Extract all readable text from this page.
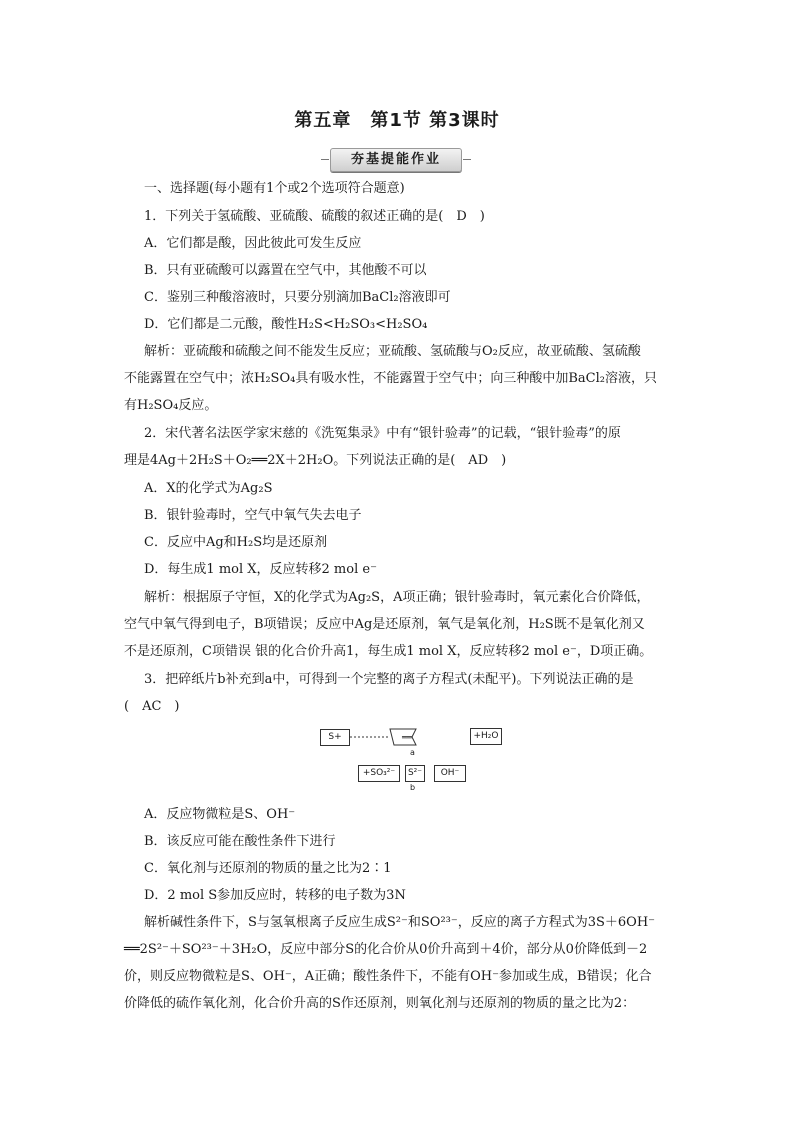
第五章　第1节 第3课时
夯基提能作业
一、选择题(每小题有1个或2个选项符合题意)
1．下列关于氢硫酸、亚硫酸、硫酸的叙述正确的是(　D　)
A．它们都是酸，因此彼此可发生反应
B．只有亚硫酸可以露置在空气中，其他酸不可以
C．鉴别三种酸溶液时，只要分别滴加BaCl₂溶液即可
D．它们都是二元酸，酸性H₂S<H₂SO₃<H₂SO₄
解析：亚硫酸和硫酸之间不能发生反应；亚硫酸、氢硫酸与O₂反应，故亚硫酸、氢硫酸
不能露置在空气中；浓H₂SO₄具有吸水性，不能露置于空气中；向三种酸中加BaCl₂溶液，只
有H₂SO₄反应。
2．宋代著名法医学家宋慈的《洗冤集录》中有“银针验毒”的记载，“银针验毒”的原
理是4Ag＋2H₂S＋O₂══2X＋2H₂O。下列说法正确的是(　AD　)
A．X的化学式为Ag₂S
B．银针验毒时，空气中氧气失去电子
C．反应中Ag和H₂S均是还原剂
D．每生成1 mol X，反应转移2 mol e⁻
解析：根据原子守恒，X的化学式为Ag₂S，A项正确；银针验毒时，氧元素化合价降低，
空气中氧气得到电子，B项错误；反应中Ag是还原剂，氧气是氧化剂，H₂S既不是氧化剂又
不是还原剂，C项错误 银的化合价升高1，每生成1 mol X，反应转移2 mol e⁻，D项正确。
3．把碎纸片b补充到a中，可得到一个完整的离子方程式(未配平)。下列说法正确的是
(　AC　)
S+	══
a
+H₂O
+SO₃²⁻	S²⁻	OH⁻
b
A．反应物微粒是S、OH⁻
B．该反应可能在酸性条件下进行
C．氧化剂与还原剂的物质的量之比为2∶1
D．2 mol S参加反应时，转移的电子数为3N
解析碱性条件下，S与氢氧根离子反应生成S²⁻和SO²³⁻，反应的离子方程式为3S＋6OH⁻
══2S²⁻＋SO²³⁻＋3H₂O，反应中部分S的化合价从0价升高到＋4价，部分从0价降低到－2
价，则反应物微粒是S、OH⁻，A正确；酸性条件下，不能有OH⁻参加或生成，B错误；化合
价降低的硫作氧化剂，化合价升高的S作还原剂，则氧化剂与还原剂的物质的量之比为2：
